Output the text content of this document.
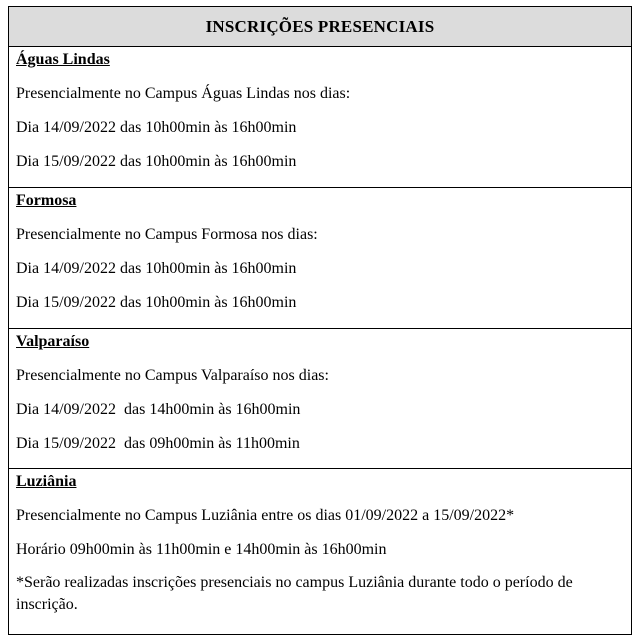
INSCRIÇÕES PRESENCIAIS
Águas Lindas
Presencialmente no Campus Águas Lindas nos dias:
Dia 14/09/2022 das 10h00min às 16h00min
Dia 15/09/2022 das 10h00min às 16h00min
Formosa
Presencialmente no Campus Formosa nos dias:
Dia 14/09/2022 das 10h00min às 16h00min
Dia 15/09/2022 das 10h00min às 16h00min
Valparaíso
Presencialmente no Campus Valparaíso nos dias:
Dia 14/09/2022  das 14h00min às 16h00min
Dia 15/09/2022  das 09h00min às 11h00min
Luziânia
Presencialmente no Campus Luziânia entre os dias 01/09/2022 a 15/09/2022*
Horário 09h00min às 11h00min e 14h00min às 16h00min
*Serão realizadas inscrições presenciais no campus Luziânia durante todo o período de inscrição.
